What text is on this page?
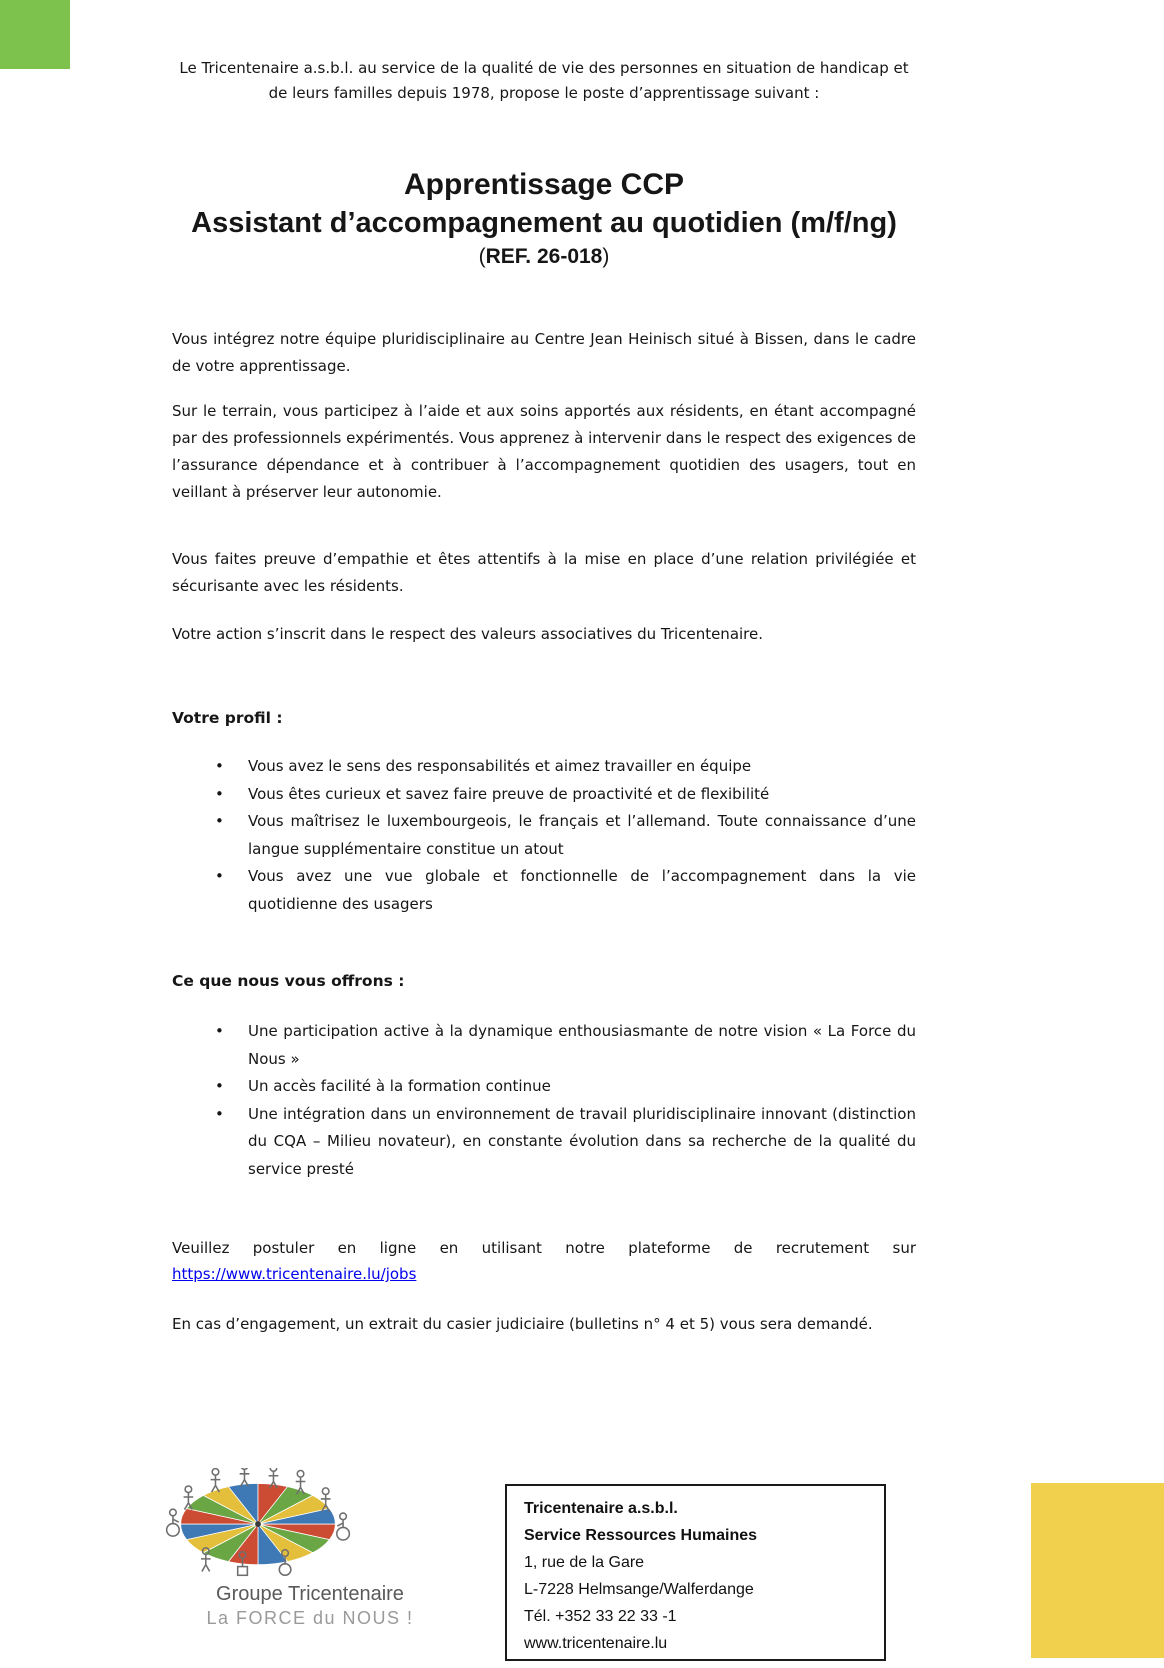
Le Tricentenaire a.s.b.l. au service de la qualité de vie des personnes en situation de handicap et de leurs familles depuis 1978, propose le poste d’apprentissage suivant :

Apprentissage CCP
Assistant d’accompagnement au quotidien (m/f/ng)
(REF. 26-018)

Vous intégrez notre équipe pluridisciplinaire au Centre Jean Heinisch situé à Bissen, dans le cadre de votre apprentissage.

Sur le terrain, vous participez à l’aide et aux soins apportés aux résidents, en étant accompagné par des professionnels expérimentés. Vous apprenez à intervenir dans le respect des exigences de l’assurance dépendance et à contribuer à l’accompagnement quotidien des usagers, tout en veillant à préserver leur autonomie.

Vous faites preuve d’empathie et êtes attentifs à la mise en place d’une relation privilégiée et sécurisante avec les résidents.

Votre action s’inscrit dans le respect des valeurs associatives du Tricentenaire.

Votre profil :
• Vous avez le sens des responsabilités et aimez travailler en équipe
• Vous êtes curieux et savez faire preuve de proactivité et de flexibilité
• Vous maîtrisez le luxembourgeois, le français et l’allemand. Toute connaissance d’une langue supplémentaire constitue un atout
• Vous avez une vue globale et fonctionnelle de l’accompagnement dans la vie quotidienne des usagers
Ce que nous vous offrons :
• Une participation active à la dynamique enthousiasmante de notre vision « La Force du Nous »
• Un accès facilité à la formation continue
• Une intégration dans un environnement de travail pluridisciplinaire innovant (distinction du CQA – Milieu novateur), en constante évolution dans sa recherche de la qualité du service presté

Veuillez postuler en ligne en utilisant notre plateforme de recrutement sur
https://www.tricentenaire.lu/jobs

En cas d’engagement, un extrait du casier judiciaire (bulletins n° 4 et 5) vous sera demandé.

Groupe Tricentenaire
La FORCE du NOUS !
Tricentenaire a.s.b.l.
Service Ressources Humaines
1, rue de la Gare
L-7228 Helmsange/Walferdange
Tél. +352 33 22 33 -1
www.tricentenaire.lu
